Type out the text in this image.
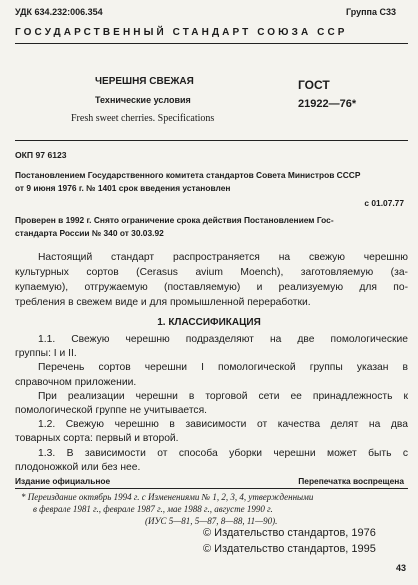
УДК 634.232:006.354	Группа С33
ГОСУДАРСТВЕННЫЙ СТАНДАРТ СОЮЗА ССР
ЧЕРЕШНЯ СВЕЖАЯ
Технические условия
Fresh sweet cherries. Specifications
ГОСТ
21922—76*
ОКП 97 6123
Постановлением Государственного комитета стандартов Совета Министров СССР
от 9 июня 1976 г. № 1401 срок введения установлен
с 01.07.77
Проверен в 1992 г. Снято ограничение срока действия Постановлением Гос-
стандарта России № 340 от 30.03.92
Настоящий стандарт распространяется на свежую черешню
культурных сортов (Cerasus avium Moench), заготовляемую (за-
купаемую), отгружаемую (поставляемую) и реализуемую для по-
требления в свежем виде и для промышленной переработки.
1. КЛАССИФИКАЦИЯ
1.1. Свежую черешню подразделяют на две помологические
группы: I и II.
Перечень сортов черешни I помологической группы указан в
справочном приложении.
При реализации черешни в торговой сети ее принадлежность к
помологической группе не учитывается.
1.2. Свежую черешню в зависимости от качества делят на два
товарных сорта: первый и второй.
1.3. В зависимости от способа уборки черешни может быть с
плодоножкой или без нее.
Издание официальное	Перепечатка воспрещена
* Переиздание октябрь 1994 г. с Изменениями № 1, 2, 3, 4, утвержденными
в феврале 1981 г., феврале 1987 г., мае 1988 г., августе 1990 г.
(ИУС 5—81, 5—87, 8—88, 11—90).
© Издательство стандартов, 1976
© Издательство стандартов, 1995
43
